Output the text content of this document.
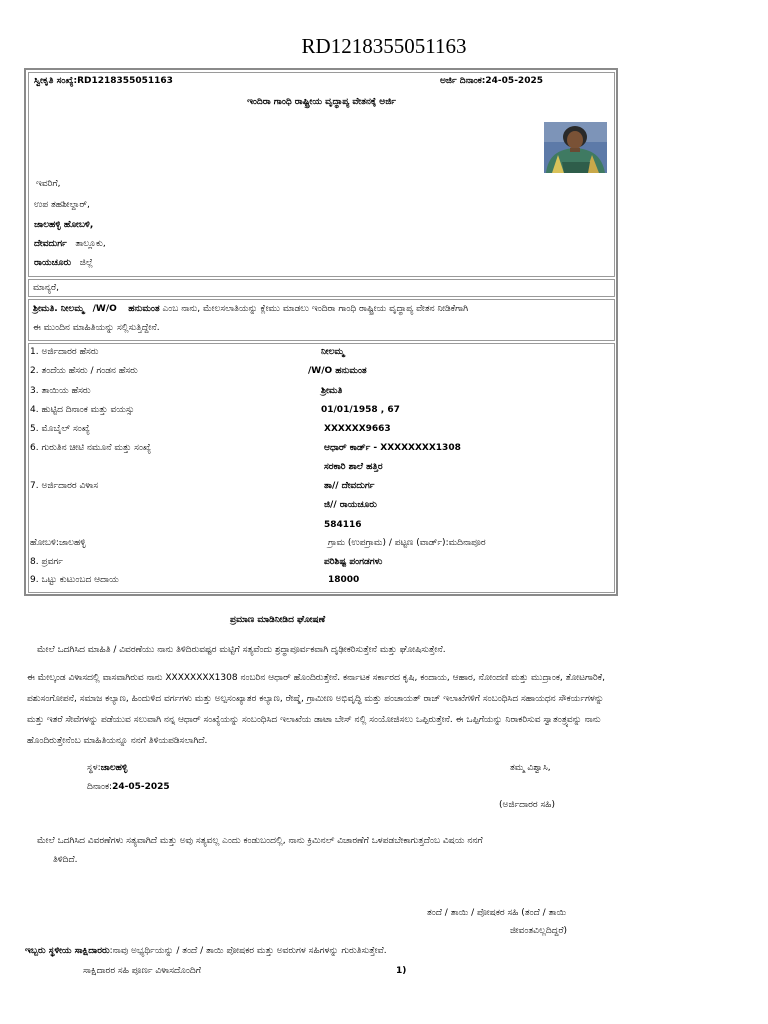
RD1218355051163
ಸ್ವೀಕೃತಿ ಸಂಖ್ಯೆ:RD1218355051163	ಅರ್ಜಿ ದಿನಾಂಕ:24-05-2025
ಇಂದಿರಾ ಗಾಂಧಿ ರಾಷ್ಟ್ರೀಯ ವೃದ್ಧಾಪ್ಯ ವೇತನಕ್ಕೆ ಅರ್ಜಿ
ಇವರಿಗೆ,
ಉಪ ತಹಶೀಲ್ದಾರ್,
ಜಾಲಹಳ್ಳಿ ಹೋಬಳಿ,
ದೇವದುರ್ಗ ತಾಲ್ಲೂಕು,
ರಾಯಚೂರು ಜಿಲ್ಲೆ
ಮಾನ್ಯರೆ,
ಶ್ರೀಮತಿ. ನೀಲಮ್ಮ /W/O ಹನುಮಂತ ಎಂಬ ನಾನು, ಮೇಲಸಲಾತಿಯನ್ನು ಕ್ಲೇಮು ಮಾಡಲು ಇಂದಿರಾ ಗಾಂಧಿ ರಾಷ್ಟ್ರೀಯ ವೃದ್ಧಾಪ್ಯ ವೇತನ ನೀಡಿಕೆಗಾಗಿ
ಈ ಮುಂದಿನ ಮಾಹಿತಿಯನ್ನು ಸಲ್ಲಿಸುತ್ತಿದ್ದೇನೆ.
1. ಅರ್ಜಿದಾರರ ಹೆಸರು	ನೀಲಮ್ಮ
2. ತಂದೆಯ ಹೆಸರು / ಗಂಡನ ಹೆಸರು	/W/O ಹನುಮಂತ
3. ತಾಯಿಯ ಹೆಸರು	ಶ್ರೀಮತಿ
4. ಹುಟ್ಟಿದ ದಿನಾಂಕ ಮತ್ತು ವಯಸ್ಸು	01/01/1958 , 67
5. ಮೊಬೈಲ್ ಸಂಖ್ಯೆ	XXXXXX9663
6. ಗುರುತಿನ ಚೀಟಿ ನಮೂನೆ ಮತ್ತು ಸಂಖ್ಯೆ	ಆಧಾರ್ ಕಾರ್ಡ್ - XXXXXXXX1308
ಸರಕಾರಿ ಶಾಲೆ ಹತ್ತಿರ
7. ಅರ್ಜಿದಾರರ ವಿಳಾಸ	ತಾ// ದೇವದುರ್ಗ
ಜಿ// ರಾಯಚೂರು
584116
ಹೋಬಳಿ:ಜಾಲಹಳ್ಳಿ	ಗ್ರಾಮ (ಉಪಗ್ರಾಮ) / ಪಟ್ಟಣ (ವಾರ್ಡ್):ಮದಿನಾಪೂರ
8. ಪ್ರವರ್ಗ	ಪರಿಶಿಷ್ಟ ಪಂಗಡಗಳು
9. ಒಟ್ಟು ಕುಟುಂಬದ ಆದಾಯ	18000
ಪ್ರಮಾಣ ಮಾಡಿನೀಡಿದ ಘೋಷಣೆ
ಮೇಲೆ ಒದಗಿಸಿದ ಮಾಹಿತಿ / ವಿವರಣೆಯು ನಾನು ತಿಳಿದಿರುವಷ್ಟರ ಮಟ್ಟಿಗೆ ಸತ್ಯವೆಂದು ಶ್ರದ್ಧಾಪೂರ್ವಕವಾಗಿ ದೃಢೀಕರಿಸುತ್ತೇನೆ ಮತ್ತು ಘೋಷಿಸುತ್ತೇನೆ.
ಈ ಮೇಲ್ಕಂಡ ವಿಳಾಸದಲ್ಲಿ ವಾಸವಾಗಿರುವ ನಾನು XXXXXXXX1308 ನಂಬರಿನ ಆಧಾರ್ ಹೊಂದಿರುತ್ತೇನೆ. ಕರ್ನಾಟಕ ಸರ್ಕಾರದ ಕೃಷಿ, ಕಂದಾಯ, ಆಹಾರ, ನೋಂದಣಿ ಮತ್ತು ಮುದ್ರಾಂಕ, ತೋಟಗಾರಿಕೆ, ಪಶುಸಂಗೋಪನೆ, ಸಮಾಜ ಕಲ್ಯಾಣ, ಹಿಂದುಳಿದ ವರ್ಗಗಳು ಮತ್ತು ಅಲ್ಪಸಂಖ್ಯಾತರ ಕಲ್ಯಾಣ, ರೇಷ್ಮೆ, ಗ್ರಾಮೀಣ ಅಭಿವೃದ್ಧಿ ಮತ್ತು ಪಂಚಾಯತ್ ರಾಜ್ ಇಲಾಖೆಗಳಿಗೆ ಸಂಬಂಧಿಸಿದ ಸಹಾಯಧನ ಸೌಕರ್ಯಗಳನ್ನು ಮತ್ತು ಇತರೆ ಸೇವೆಗಳನ್ನು ಪಡೆಯುವ ಸಲುವಾಗಿ ನನ್ನ ಆಧಾರ್ ಸಂಖ್ಯೆಯನ್ನು ಸಂಬಂಧಿಸಿದ ಇಲಾಖೆಯ ಡಾಟಾ ಬೇಸ್ ನಲ್ಲಿ ಸಂಯೋಜಿಸಲು ಒಪ್ಪಿರುತ್ತೇನೆ. ಈ ಒಪ್ಪಿಗೆಯನ್ನು ನಿರಾಕರಿಸುವ ಸ್ವಾತಂತ್ರ್ಯವನ್ನು ನಾನು ಹೊಂದಿರುತ್ತೇನೆಂಬ ಮಾಹಿತಿಯನ್ನೂ ನನಗೆ ತಿಳಿಯಪಡಿಸಲಾಗಿದೆ.
ಸ್ಥಳ:ಜಾಲಹಳ್ಳಿ	ತಮ್ಮ ವಿಶ್ವಾಸಿ,
ದಿನಾಂಕ:24-05-2025
(ಅರ್ಜಿದಾರರ ಸಹಿ)
ಮೇಲೆ ಒದಗಿಸಿದ ವಿವರಣೆಗಳು ಸತ್ಯವಾಗಿದೆ ಮತ್ತು ಅವು ಸತ್ಯವಲ್ಲ ಎಂದು ಕಂಡುಬಂದಲ್ಲಿ, ನಾನು ಕ್ರಿಮಿನಲ್ ವಿಚಾರಣೆಗೆ ಒಳಪಡಬೇಕಾಗುತ್ತದೆಂಬ ವಿಷಯ ನನಗೆ
ತಿಳಿದಿದೆ.
ತಂದೆ / ತಾಯಿ / ಪೋಷಕರ ಸಹಿ (ತಂದೆ / ತಾಯಿ
ಜೀವಂತವಿಲ್ಲದಿದ್ದರೆ)
ಇಬ್ಬರು ಸ್ಥಳೀಯ ಸಾಕ್ಷಿದಾರರು:ನಾವು ಅಭ್ಯರ್ಥಿಯನ್ನು / ತಂದೆ / ತಾಯಿ ಪೋಷಕರ ಮತ್ತು ಅವರುಗಳ ಸಹಿಗಳನ್ನು ಗುರುತಿಸುತ್ತೇವೆ.
ಸಾಕ್ಷಿದಾರರ ಸಹಿ ಪೂರ್ಣ ವಿಳಾಸದೊಂದಿಗೆ	1)
